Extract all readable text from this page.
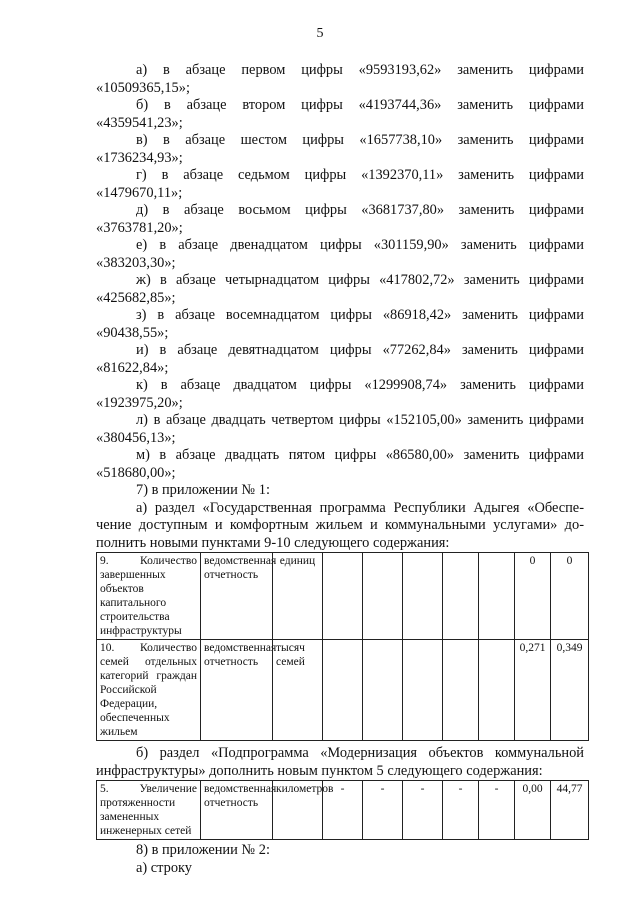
5
а) в абзаце первом цифры «9593193,62» заменить цифрами
«10509365,15»;
б) в абзаце втором цифры «4193744,36» заменить цифрами
«4359541,23»;
в) в абзаце шестом цифры «1657738,10» заменить цифрами
«1736234,93»;
г) в абзаце седьмом цифры «1392370,11» заменить цифрами
«1479670,11»;
д) в абзаце восьмом цифры «3681737,80» заменить цифрами
«3763781,20»;
е) в абзаце двенадцатом цифры «301159,90» заменить цифрами
«383203,30»;
ж) в абзаце четырнадцатом цифры «417802,72» заменить цифрами
«425682,85»;
з) в абзаце восемнадцатом цифры «86918,42» заменить цифрами
«90438,55»;
и) в абзаце девятнадцатом цифры «77262,84» заменить цифрами
«81622,84»;
к) в абзаце двадцатом цифры «1299908,74» заменить цифрами
«1923975,20»;
л) в абзаце двадцать четвертом цифры «152105,00» заменить цифрами
«380456,13»;
м) в абзаце двадцать пятом цифры «86580,00» заменить цифрами
«518680,00»;

7) в приложении № 1:

а) раздел «Государственная программа Республики Адыгея «Обеспе-
чение доступным и комфортным жильем и коммунальными услугами» до-
полнить новыми пунктами 9-10 следующего содержания:
9. Количество завершенных объектов капитального строительства инфраструктуры	ведомственная отчетность	единиц						0	0
10. Количество семей отдельных категорий граждан Российской Федерации, обеспеченных жильем	ведомственная отчетность	тысяч семей						0,271	0,349
б) раздел «Подпрограмма «Модернизация объектов коммунальной
инфраструктуры» дополнить новым пунктом 5 следующего содержания:
5. Увеличение протяженности замененных инженерных сетей	ведомственная отчетность	километров	-	-	-	-	-	0,00	44,77

8) в приложении № 2:

а) строку
